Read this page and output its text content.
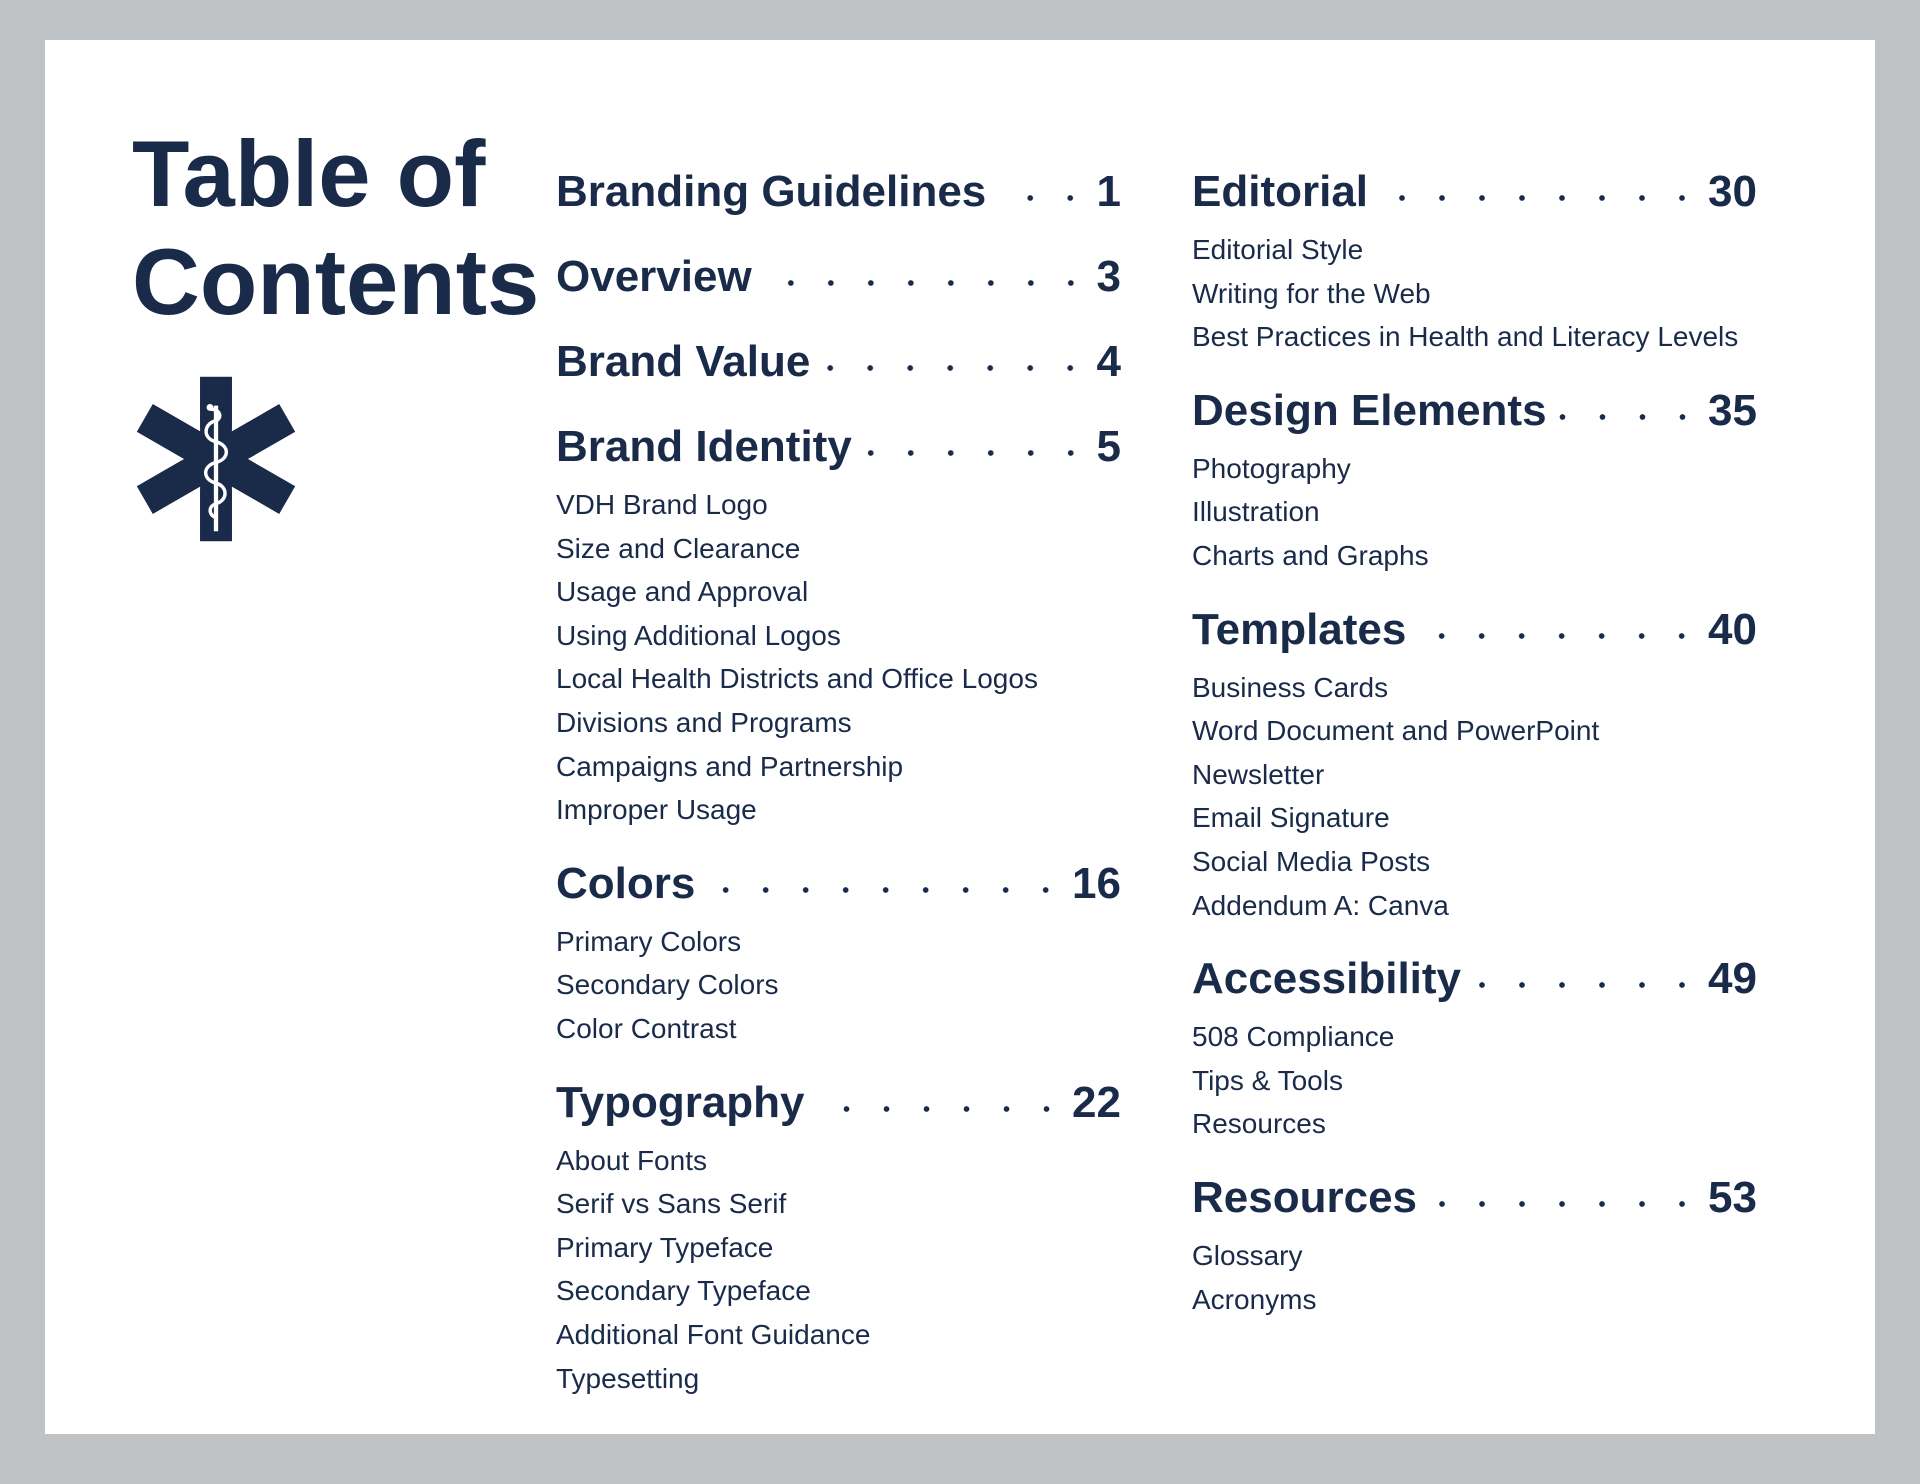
Table of
Contents
Branding Guidelines	1
Overview	3
Brand Value	4
Brand Identity	5
VDH Brand Logo
Size and Clearance
Usage and Approval
Using Additional Logos
Local Health Districts and Office Logos
Divisions and Programs
Campaigns and Partnership
Improper Usage
Colors	16
Primary Colors
Secondary Colors
Color Contrast
Typography	22
About Fonts
Serif vs Sans Serif
Primary Typeface
Secondary Typeface
Additional Font Guidance
Typesetting
Editorial	30
Editorial Style
Writing for the Web
Best Practices in Health and Literacy Levels
Design Elements	35
Photography
Illustration
Charts and Graphs
Templates	40
Business Cards
Word Document and PowerPoint
Newsletter
Email Signature
Social Media Posts
Addendum A: Canva
Accessibility	49
508 Compliance
Tips & Tools
Resources
Resources	53
Glossary
Acronyms
